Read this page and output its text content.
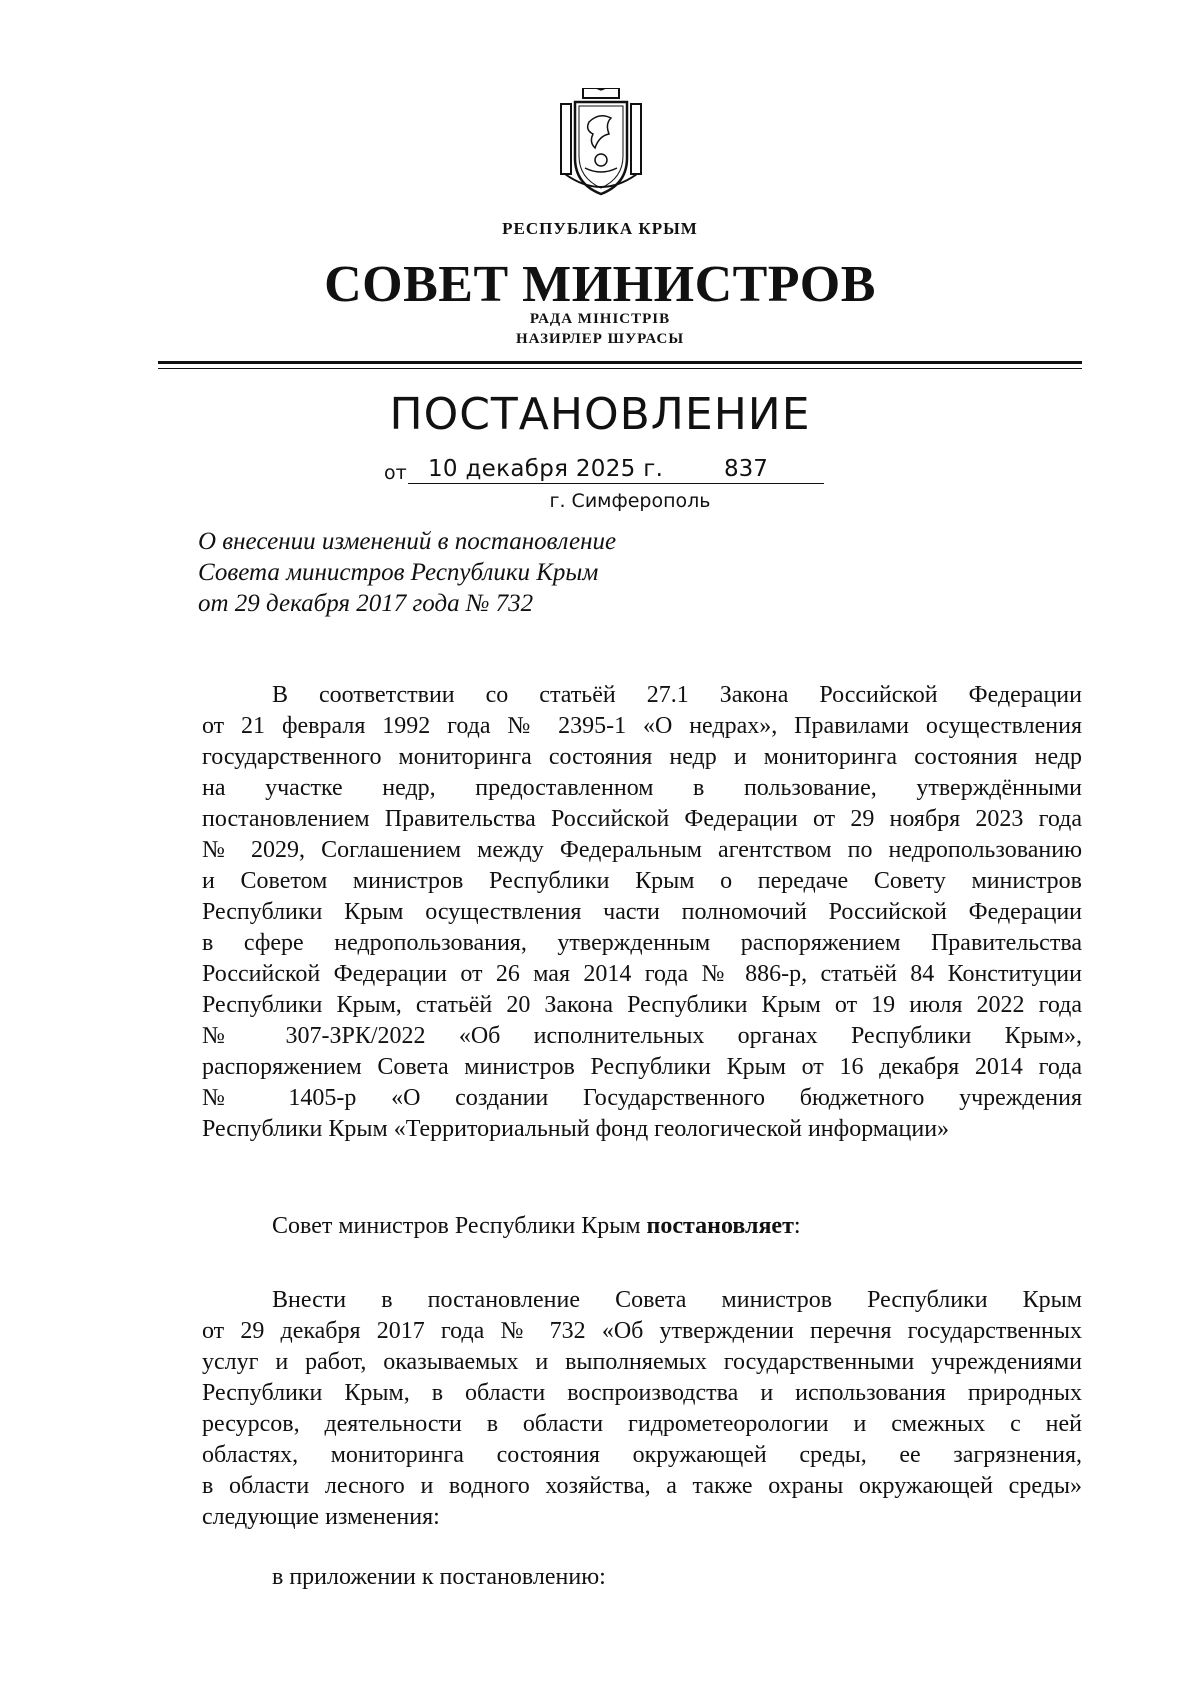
РЕСПУБЛИКА КРЫМ
СОВЕТ МИНИСТРОВ
РАДА МІНІСТРІВ
НАЗИРЛЕР ШУРАСЫ
ПОСТАНОВЛЕНИЕ
от 10 декабря 2025 г.	837
г. Симферополь
О внесении изменений в постановление
Совета министров Республики Крым
от 29 декабря 2017 года № 732
В соответствии со статьёй 27.1 Закона Российской Федерации
от 21 февраля 1992 года № 2395-1 «О недрах», Правилами осуществления
государственного мониторинга состояния недр и мониторинга состояния недр
на участке недр, предоставленном в пользование, утверждёнными
постановлением Правительства Российской Федерации от 29 ноября 2023 года
№ 2029, Соглашением между Федеральным агентством по недропользованию
и Советом министров Республики Крым о передаче Совету министров
Республики Крым осуществления части полномочий Российской Федерации
в сфере недропользования, утвержденным распоряжением Правительства
Российской Федерации от 26 мая 2014 года № 886-р, статьёй 84 Конституции
Республики Крым, статьёй 20 Закона Республики Крым от 19 июля 2022 года
№ 307-ЗРК/2022 «Об исполнительных органах Республики Крым»,
распоряжением Совета министров Республики Крым от 16 декабря 2014 года
№ 1405-р «О создании Государственного бюджетного учреждения
Республики Крым «Территориальный фонд геологической информации»
Совет министров Республики Крым постановляет:
Внести в постановление Совета министров Республики Крым
от 29 декабря 2017 года № 732 «Об утверждении перечня государственных
услуг и работ, оказываемых и выполняемых государственными учреждениями
Республики Крым, в области воспроизводства и использования природных
ресурсов, деятельности в области гидрометеорологии и смежных с ней
областях, мониторинга состояния окружающей среды, ее загрязнения,
в области лесного и водного хозяйства, а также охраны окружающей среды»
следующие изменения:
в приложении к постановлению:
